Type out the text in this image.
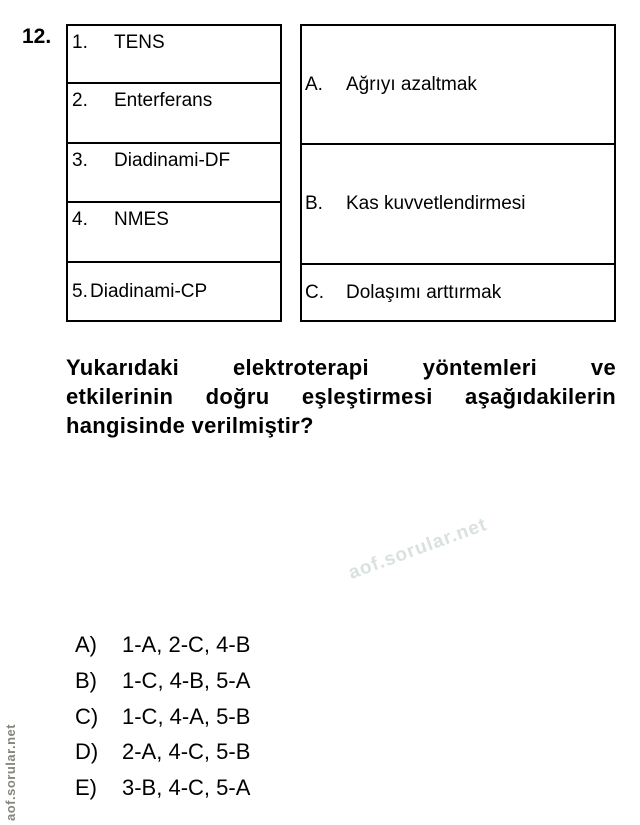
12. 1.	TENS
2.	Enterferans
3.	Diadinami-DF
4.	NMES
5. Diadinami-CP
A.	Ağrıyı azaltmak
B.	Kas kuvvetlendirmesi
C.	Dolaşımı arttırmak
Yukarıdaki elektroterapi yöntemleri ve
etkilerinin doğru eşleştirmesi aşağıdakilerin
hangisinde verilmiştir?
aof.sorular.net
A)	1-A, 2-C, 4-B
B)	1-C, 4-B, 5-A
C)	1-C, 4-A, 5-B
D)	2-A, 4-C, 5-B
E)	3-B, 4-C, 5-A
aof.sorular.net
